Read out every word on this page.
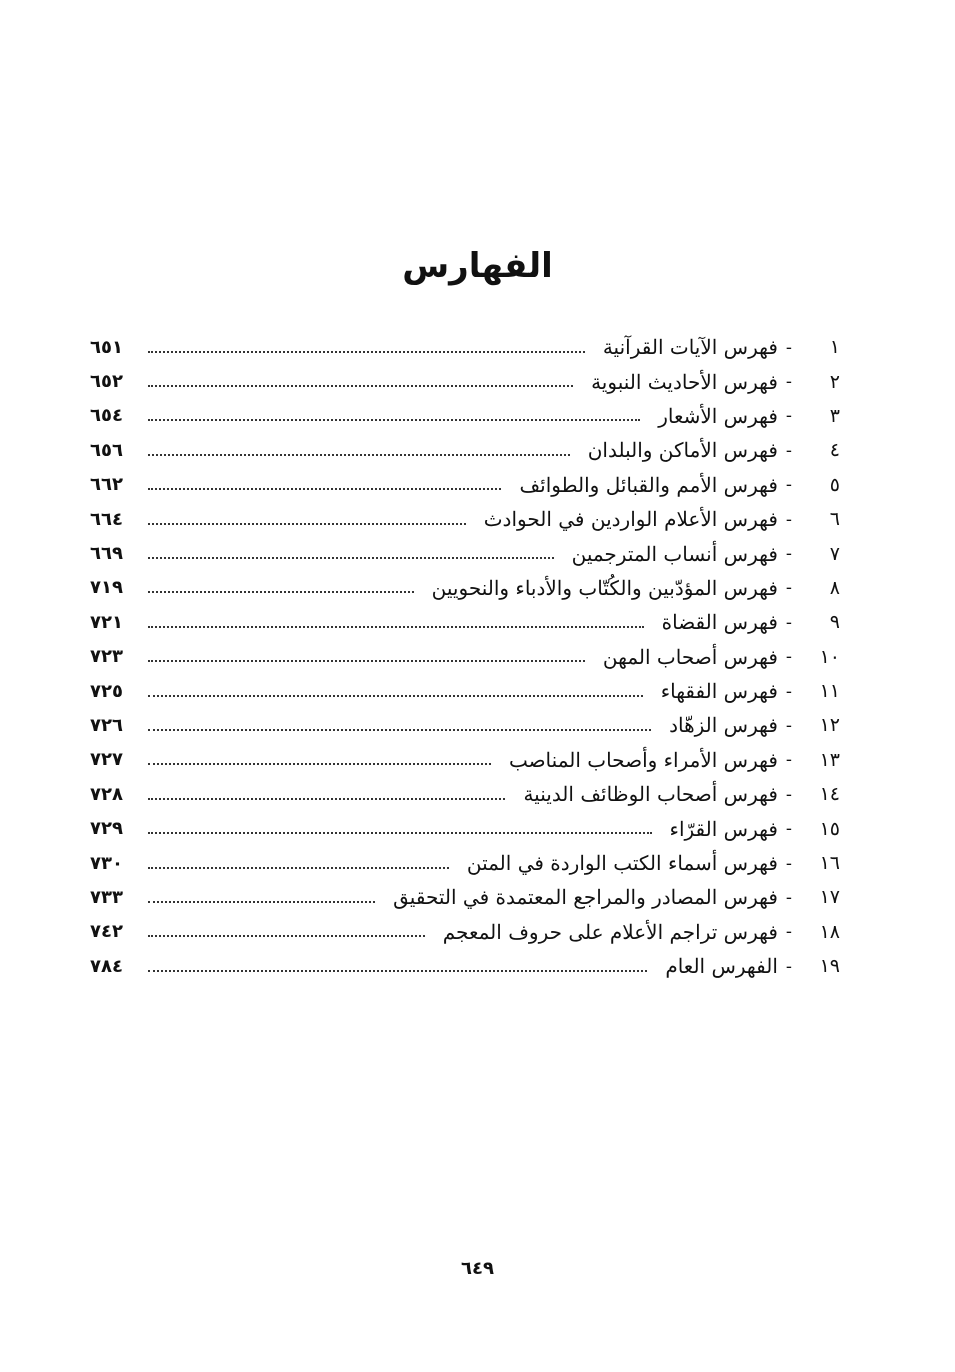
الفهارس
١
-
فهرس الآيات القرآنية
٦٥١
٢
-
فهرس الأحاديث النبوية
٦٥٢
٣
-
فهرس الأشعار
٦٥٤
٤
-
فهرس الأماكن والبلدان
٦٥٦
٥
-
فهرس الأمم والقبائل والطوائف
٦٦٢
٦
-
فهرس الأعلام الواردين في الحوادث
٦٦٤
٧
-
فهرس أنساب المترجمين
٦٦٩
٨
-
فهرس المؤدّبين والكُتّاب والأدباء والنحويين
٧١٩
٩
-
فهرس القضاة
٧٢١
١٠
-
فهرس أصحاب المهن
٧٢٣
١١
-
فهرس الفقهاء
٧٢٥
١٢
-
فهرس الزهّاد
٧٢٦
١٣
-
فهرس الأمراء وأصحاب المناصب
٧٢٧
١٤
-
فهرس أصحاب الوظائف الدينية
٧٢٨
١٥
-
فهرس القرّاء
٧٢٩
١٦
-
فهرس أسماء الكتب الواردة في المتن
٧٣٠
١٧
-
فهرس المصادر والمراجع المعتمدة في التحقيق
٧٣٣
١٨
-
فهرس تراجم الأعلام على حروف المعجم
٧٤٢
١٩
-
الفهرس العام
٧٨٤
٦٤٩
